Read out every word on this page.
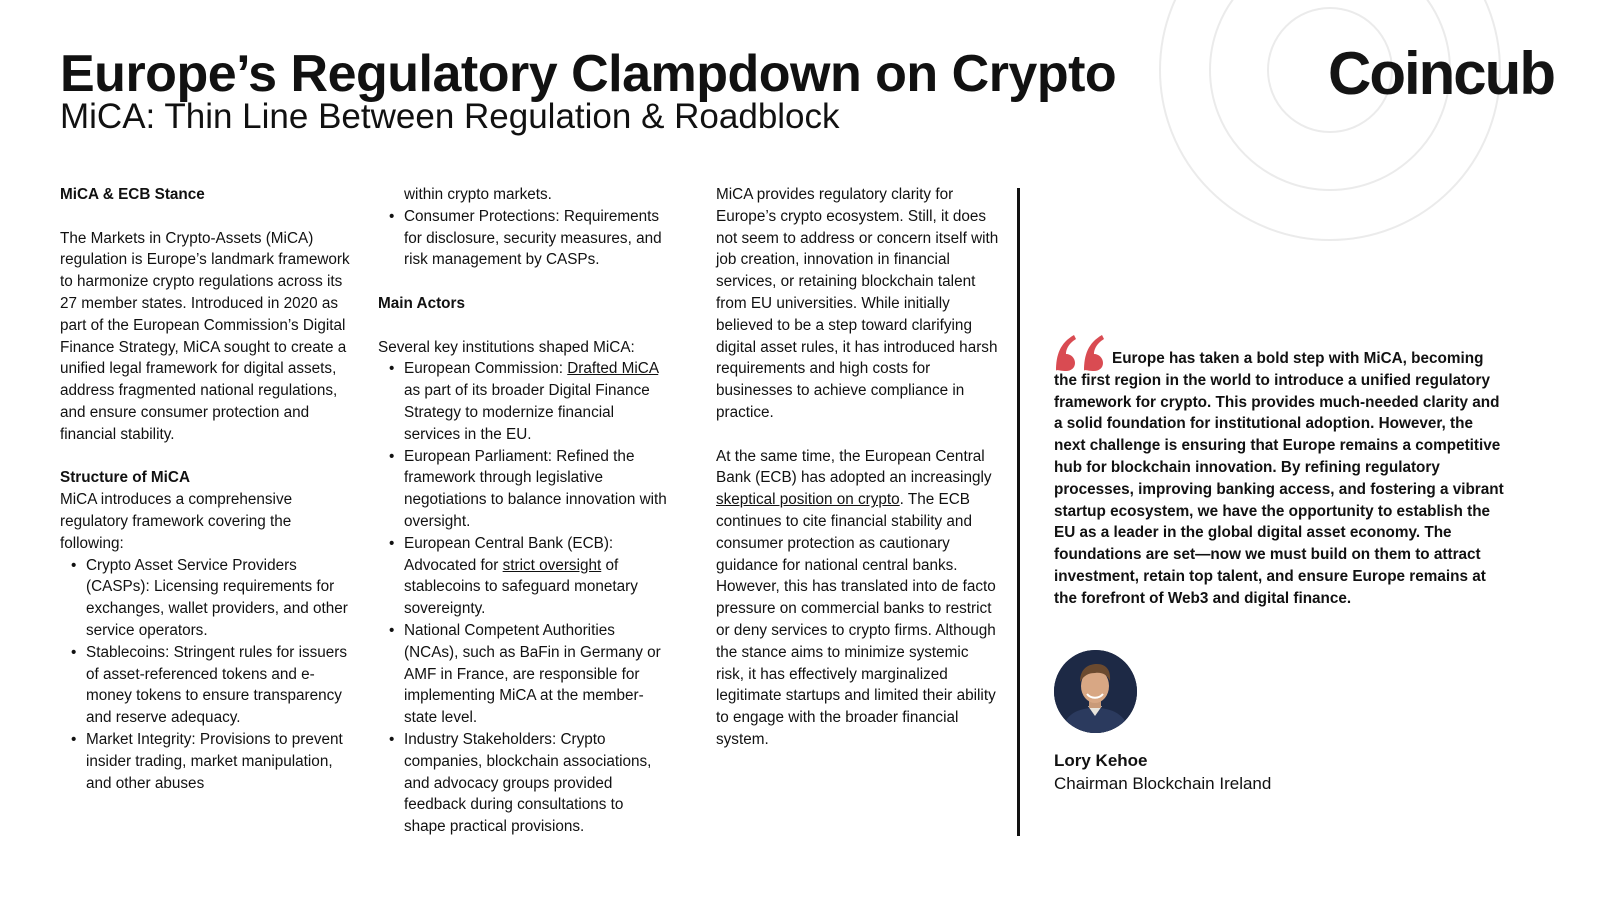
Europe’s Regulatory Clampdown on Crypto
MiCA: Thin Line Between Regulation & Roadblock
Coincub

MiCA & ECB Stance

The Markets in Crypto-Assets (MiCA) regulation is Europe’s landmark framework to harmonize crypto regulations across its 27 member states. Introduced in 2020 as part of the European Commission’s Digital Finance Strategy, MiCA sought to create a unified legal framework for digital assets, address fragmented national regulations, and ensure consumer protection and financial stability.

Structure of MiCA

MiCA introduces a comprehensive regulatory framework covering the following:

• Crypto Asset Service Providers (CASPs): Licensing requirements for exchanges, wallet providers, and other service operators.
• Stablecoins: Stringent rules for issuers of asset-referenced tokens and e-money tokens to ensure transparency and reserve adequacy.
• Market Integrity: Provisions to prevent insider trading, market manipulation, and other abuses
within crypto markets.
• Consumer Protections: Requirements for disclosure, security measures, and risk management by CASPs.

Main Actors

Several key institutions shaped MiCA:

• European Commission: Drafted MiCA as part of its broader Digital Finance Strategy to modernize financial services in the EU.
• European Parliament: Refined the framework through legislative negotiations to balance innovation with oversight.
• European Central Bank (ECB): Advocated for strict oversight of stablecoins to safeguard monetary sovereignty.
• National Competent Authorities (NCAs), such as BaFin in Germany or AMF in France, are responsible for implementing MiCA at the member-state level.
• Industry Stakeholders: Crypto companies, blockchain associations, and advocacy groups provided feedback during consultations to shape practical provisions.

MiCA provides regulatory clarity for Europe’s crypto ecosystem. Still, it does not seem to address or concern itself with job creation, innovation in financial services, or retaining blockchain talent from EU universities. While initially believed to be a step toward clarifying digital asset rules, it has introduced harsh requirements and high costs for businesses to achieve compliance in practice.

At the same time, the European Central Bank (ECB) has adopted an increasingly skeptical position on crypto. The ECB continues to cite financial stability and consumer protection as cautionary guidance for national central banks. However, this has translated into de facto pressure on commercial banks to restrict or deny services to crypto firms. Although the stance aims to minimize systemic risk, it has effectively marginalized legitimate startups and limited their ability to engage with the broader financial system.

Europe has taken a bold step with MiCA, becoming the first region in the world to introduce a unified regulatory framework for crypto. This provides much-needed clarity and a solid foundation for institutional adoption. However, the next challenge is ensuring that Europe remains a competitive hub for blockchain innovation. By refining regulatory processes, improving banking access, and fostering a vibrant startup ecosystem, we have the opportunity to establish the EU as a leader in the global digital asset economy. The foundations are set—now we must build on them to attract investment, retain top talent, and ensure Europe remains at the forefront of Web3 and digital finance.

Lory Kehoe
Chairman Blockchain Ireland
